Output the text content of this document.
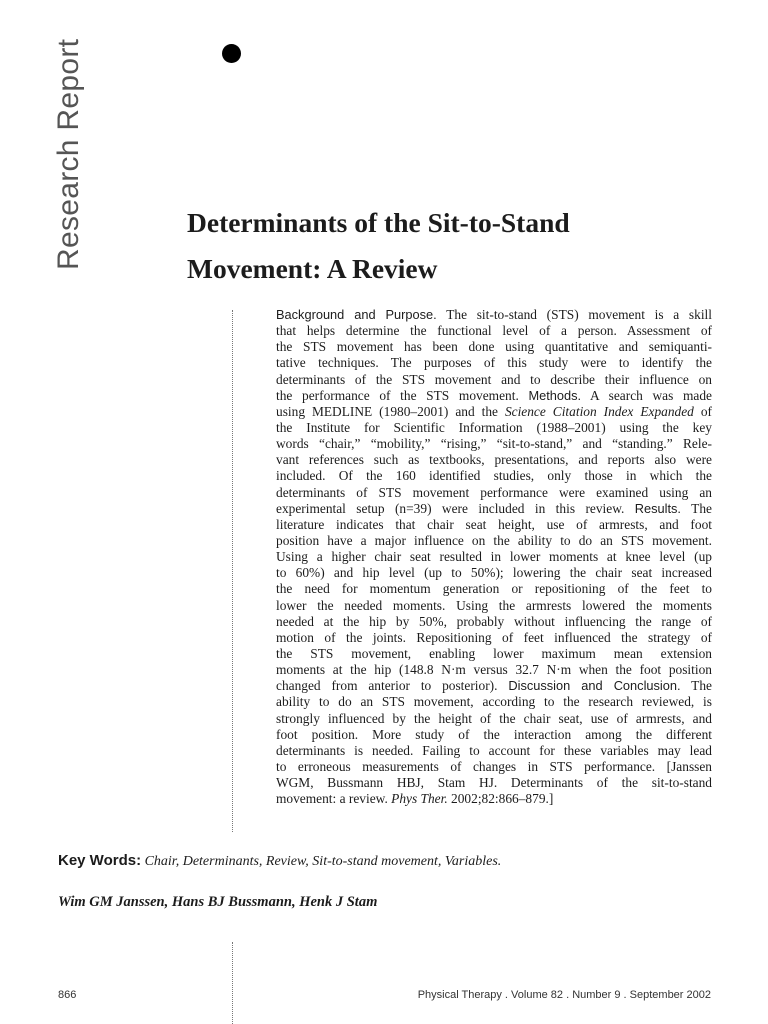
Research Report	Determinants of the Sit-to-Stand
Movement: A Review
Background and Purpose. The sit-to-stand (STS) movement is a skill
that helps determine the functional level of a person. Assessment of
the STS movement has been done using quantitative and semiquanti-
tative techniques. The purposes of this study were to identify the
determinants of the STS movement and to describe their influence on
the performance of the STS movement. Methods. A search was made
using MEDLINE (1980–2001) and the Science Citation Index Expanded of
the Institute for Scientific Information (1988–2001) using the key
words “chair,” “mobility,” “rising,” “sit-to-stand,” and “standing.” Rele-
vant references such as textbooks, presentations, and reports also were
included. Of the 160 identified studies, only those in which the
determinants of STS movement performance were examined using an
experimental setup (n=39) were included in this review. Results. The
literature indicates that chair seat height, use of armrests, and foot
position have a major influence on the ability to do an STS movement.
Using a higher chair seat resulted in lower moments at knee level (up
to 60%) and hip level (up to 50%); lowering the chair seat increased
the need for momentum generation or repositioning of the feet to
lower the needed moments. Using the armrests lowered the moments
needed at the hip by 50%, probably without influencing the range of
motion of the joints. Repositioning of feet influenced the strategy of
the STS movement, enabling lower maximum mean extension
moments at the hip (148.8 N·m versus 32.7 N·m when the foot position
changed from anterior to posterior). Discussion and Conclusion. The
ability to do an STS movement, according to the research reviewed, is
strongly influenced by the height of the chair seat, use of armrests, and
foot position. More study of the interaction among the different
determinants is needed. Failing to account for these variables may lead
to erroneous measurements of changes in STS performance. [Janssen
WGM, Bussmann HBJ, Stam HJ. Determinants of the sit-to-stand
movement: a review. Phys Ther. 2002;82:866–879.]
Key Words: Chair, Determinants, Review, Sit-to-stand movement, Variables.
Wim GM Janssen, Hans BJ Bussmann, Henk J Stam
866	Physical Therapy . Volume 82 . Number 9 . September 2002
